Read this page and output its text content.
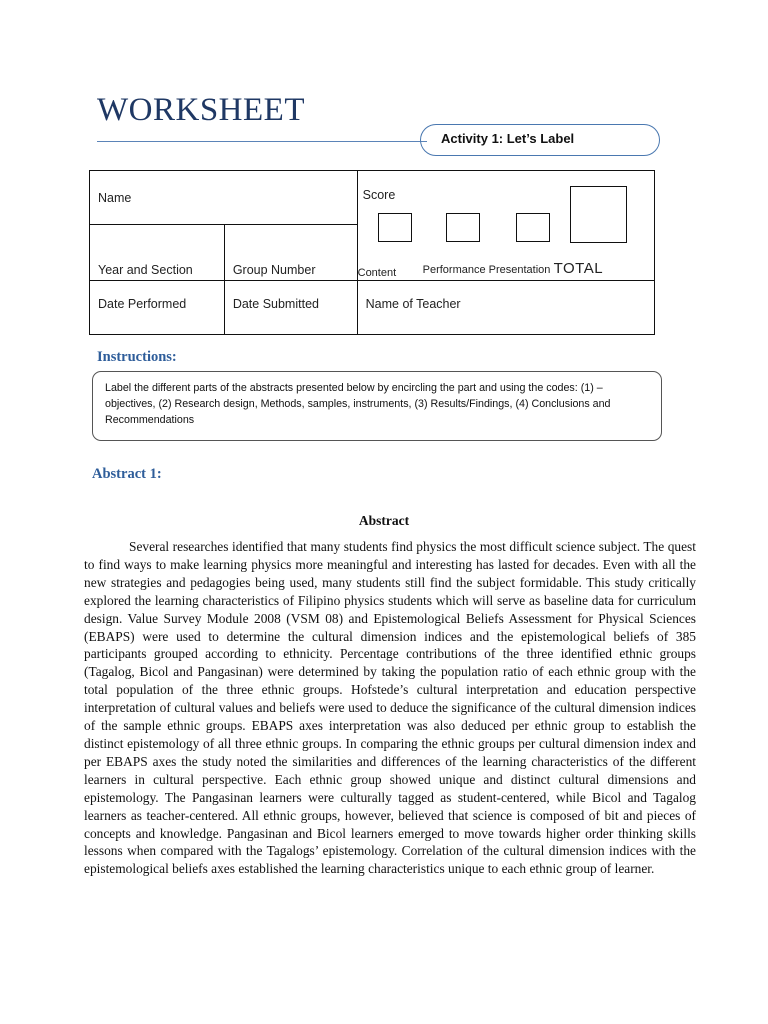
WORKSHEET
Activity 1: Let’s Label
Name		Score
Content Performance Presentation TOTAL

Year and Section	Group Number	
Date Performed	Date Submitted	Name of Teacher
Instructions:
Label the different parts of the abstracts presented below by encircling the part and using the codes: (1) – objectives, (2) Research design, Methods, samples, instruments, (3) Results/Findings, (4) Conclusions and Recommendations
Abstract 1:
Abstract
Several researches identified that many students find physics the most difficult science subject. The quest to find ways to make learning physics more meaningful and interesting has lasted for decades. Even with all the new strategies and pedagogies being used, many students still find the subject formidable. This study critically explored the learning characteristics of Filipino physics students which will serve as baseline data for curriculum design. Value Survey Module 2008 (VSM 08) and Epistemological Beliefs Assessment for Physical Sciences (EBAPS) were used to determine the cultural dimension indices and the epistemological beliefs of 385 participants grouped according to ethnicity. Percentage contributions of the three identified ethnic groups (Tagalog, Bicol and Pangasinan) were determined by taking the population ratio of each ethnic group with the total population of the three ethnic groups. Hofstede’s cultural interpretation and education perspective interpretation of cultural values and beliefs were used to deduce the significance of the cultural dimension indices of the sample ethnic groups. EBAPS axes interpretation was also deduced per ethnic group to establish the distinct epistemology of all three ethnic groups. In comparing the ethnic groups per cultural dimension index and per EBAPS axes the study noted the similarities and differences of the learning characteristics of the different learners in cultural perspective. Each ethnic group showed unique and distinct cultural dimensions and epistemology. The Pangasinan learners were culturally tagged as student-centered, while Bicol and Tagalog learners as teacher-centered. All ethnic groups, however, believed that science is composed of bit and pieces of concepts and knowledge. Pangasinan and Bicol learners emerged to move towards higher order thinking skills lessons when compared with the Tagalogs’ epistemology. Correlation of the cultural dimension indices with the epistemological beliefs axes established the learning characteristics unique to each ethnic group of learner.
